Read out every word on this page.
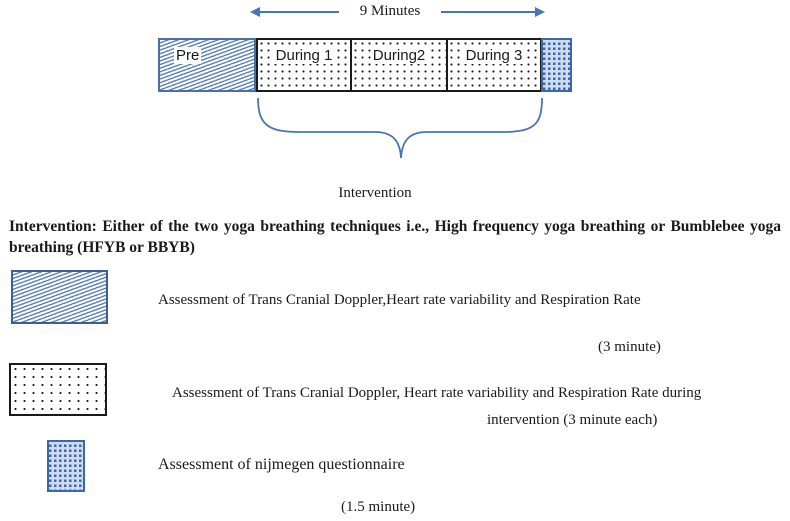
9 Minutes
Pre	During 1	During2	During 3
Intervention
Intervention: Either of the two yoga breathing techniques i.e., High frequency yoga breathing or Bumblebee yoga breathing (HFYB or BBYB)
Assessment of Trans Cranial Doppler,Heart rate variability and Respiration Rate
(3 minute)
Assessment of Trans Cranial Doppler, Heart rate variability and Respiration Rate during
intervention (3 minute each)
Assessment of nijmegen questionnaire
(1.5 minute)
